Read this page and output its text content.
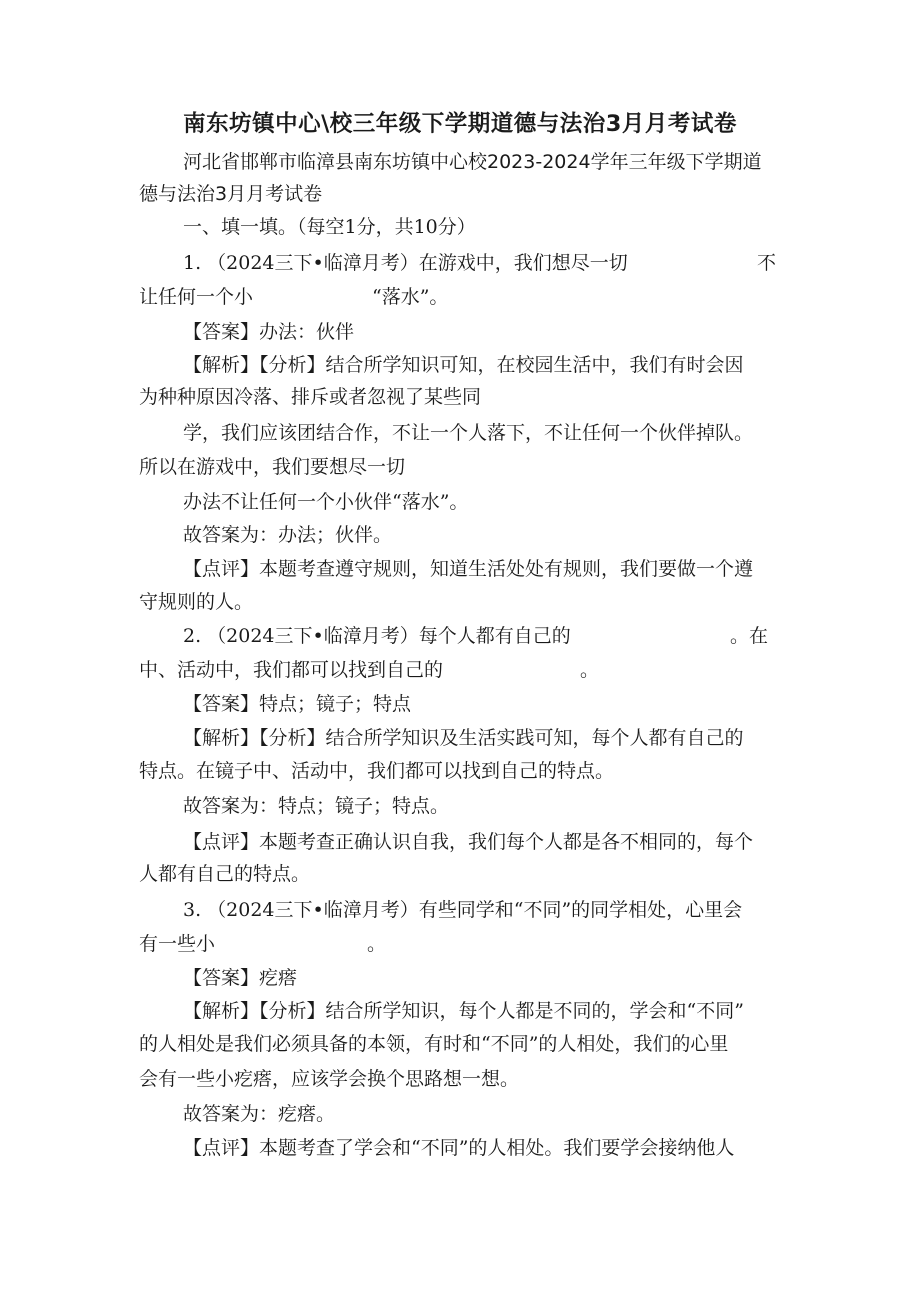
南东坊镇中心\校三年级下学期道德与法治3月月考试卷
河北省邯郸市临漳县南东坊镇中心校2023-2024学年三年级下学期道
德与法治3月月考试卷
一、填一填。（每空1分，共10分）
1. （2024三下•临漳月考）在游戏中，我们想尽一切	不
让任何一个小	“落水”。
【答案】办法：伙伴
【解析】【分析】结合所学知识可知，在校园生活中，我们有时会因
为种种原因冷落、排斥或者忽视了某些同
学，我们应该团结合作，不让一个人落下，不让任何一个伙伴掉队。
所以在游戏中，我们要想尽一切
办法不让任何一个小伙伴“落水”。
故答案为：办法；伙伴。
【点评】本题考查遵守规则，知道生活处处有规则，我们要做一个遵
守规则的人。
2. （2024三下•临漳月考）每个人都有自己的	。在
中、活动中，我们都可以找到自己的	。
【答案】特点；镜子；特点
【解析】【分析】结合所学知识及生活实践可知，每个人都有自己的
特点。在镜子中、活动中，我们都可以找到自己的特点。
故答案为：特点；镜子；特点。
【点评】本题考查正确认识自我，我们每个人都是各不相同的，每个
人都有自己的特点。
3. （2024三下•临漳月考）有些同学和“不同”的同学相处，心里会
有一些小	。
【答案】疙瘩
【解析】【分析】结合所学知识，每个人都是不同的，学会和“不同”
的人相处是我们必须具备的本领，有时和“不同”的人相处，我们的心里
会有一些小疙瘩，应该学会换个思路想一想。
故答案为：疙瘩。
【点评】本题考查了学会和“不同”的人相处。我们要学会接纳他人
